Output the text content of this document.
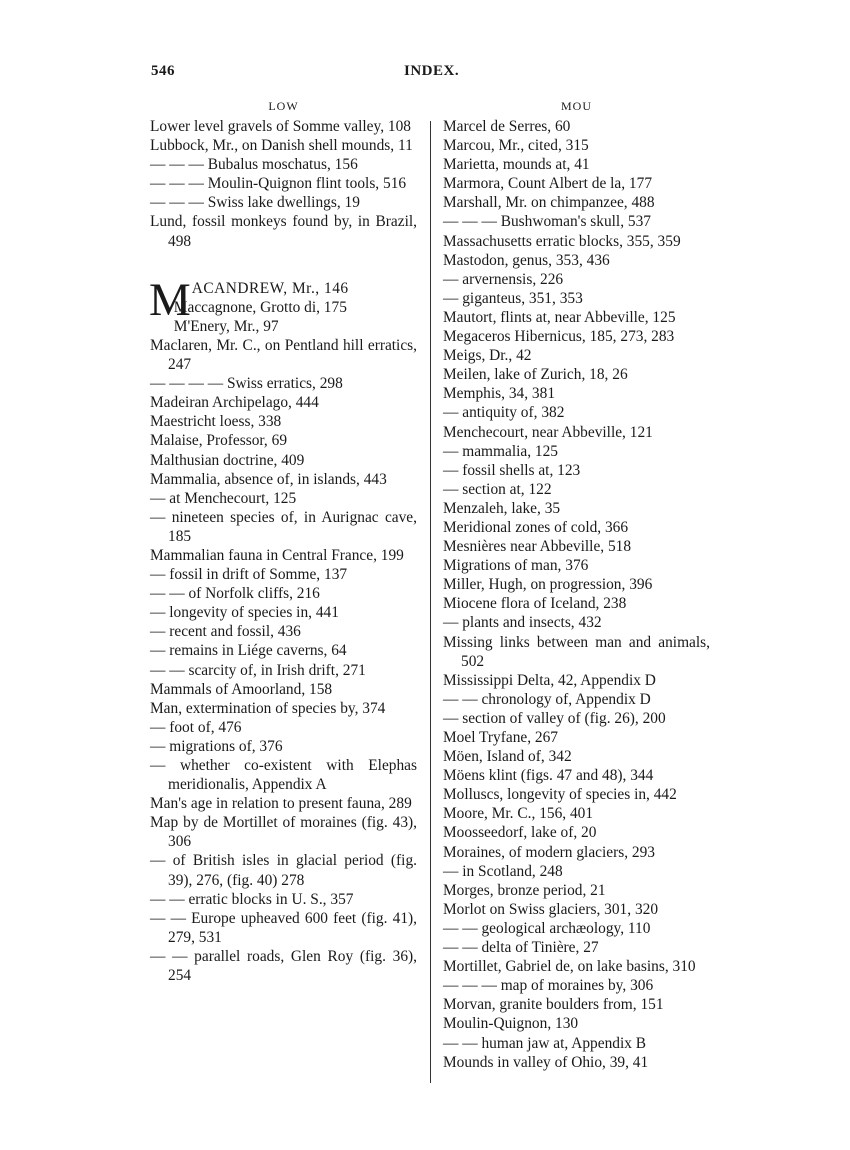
546	INDEX.
LOW
Lower level gravels of Somme valley, 108
Lubbock, Mr., on Danish shell mounds, 11
— — — Bubalus moschatus, 156
— — — Moulin-Quignon flint tools, 516
— — — Swiss lake dwellings, 19
Lund, fossil monkeys found by, in Brazil, 498
MACANDREW, Mr., 146
Maccagnone, Grotto di, 175
M'Enery, Mr., 97
Maclaren, Mr. C., on Pentland hill erratics, 247
— — — — Swiss erratics, 298
Madeiran Archipelago, 444
Maestricht loess, 338
Malaise, Professor, 69
Malthusian doctrine, 409
Mammalia, absence of, in islands, 443
— at Menchecourt, 125
— nineteen species of, in Aurignac cave, 185
Mammalian fauna in Central France, 199
— fossil in drift of Somme, 137
— — of Norfolk cliffs, 216
— longevity of species in, 441
— recent and fossil, 436
— remains in Liége caverns, 64
— — scarcity of, in Irish drift, 271
Mammals of Amoorland, 158
Man, extermination of species by, 374
— foot of, 476
— migrations of, 376
— whether co-existent with Elephas meridionalis, Appendix A
Man's age in relation to present fauna, 289
Map by de Mortillet of moraines (fig. 43), 306
— of British isles in glacial period (fig. 39), 276, (fig. 40) 278
— — erratic blocks in U. S., 357
— — Europe upheaved 600 feet (fig. 41), 279, 531
— — parallel roads, Glen Roy (fig. 36), 254
MOU
Marcel de Serres, 60
Marcou, Mr., cited, 315
Marietta, mounds at, 41
Marmora, Count Albert de la, 177
Marshall, Mr. on chimpanzee, 488
— — — Bushwoman's skull, 537
Massachusetts erratic blocks, 355, 359
Mastodon, genus, 353, 436
— arvernensis, 226
— giganteus, 351, 353
Mautort, flints at, near Abbeville, 125
Megaceros Hibernicus, 185, 273, 283
Meigs, Dr., 42
Meilen, lake of Zurich, 18, 26
Memphis, 34, 381
— antiquity of, 382
Menchecourt, near Abbeville, 121
— mammalia, 125
— fossil shells at, 123
— section at, 122
Menzaleh, lake, 35
Meridional zones of cold, 366
Mesnières near Abbeville, 518
Migrations of man, 376
Miller, Hugh, on progression, 396
Miocene flora of Iceland, 238
— plants and insects, 432
Missing links between man and animals, 502
Mississippi Delta, 42, Appendix D
— — chronology of, Appendix D
— section of valley of (fig. 26), 200
Moel Tryfane, 267
Möen, Island of, 342
Möens klint (figs. 47 and 48), 344
Molluscs, longevity of species in, 442
Moore, Mr. C., 156, 401
Moosseedorf, lake of, 20
Moraines, of modern glaciers, 293
— in Scotland, 248
Morges, bronze period, 21
Morlot on Swiss glaciers, 301, 320
— — geological archæology, 110
— — delta of Tinière, 27
Mortillet, Gabriel de, on lake basins, 310
— — — map of moraines by, 306
Morvan, granite boulders from, 151
Moulin-Quignon, 130
— — human jaw at, Appendix B
Mounds in valley of Ohio, 39, 41
